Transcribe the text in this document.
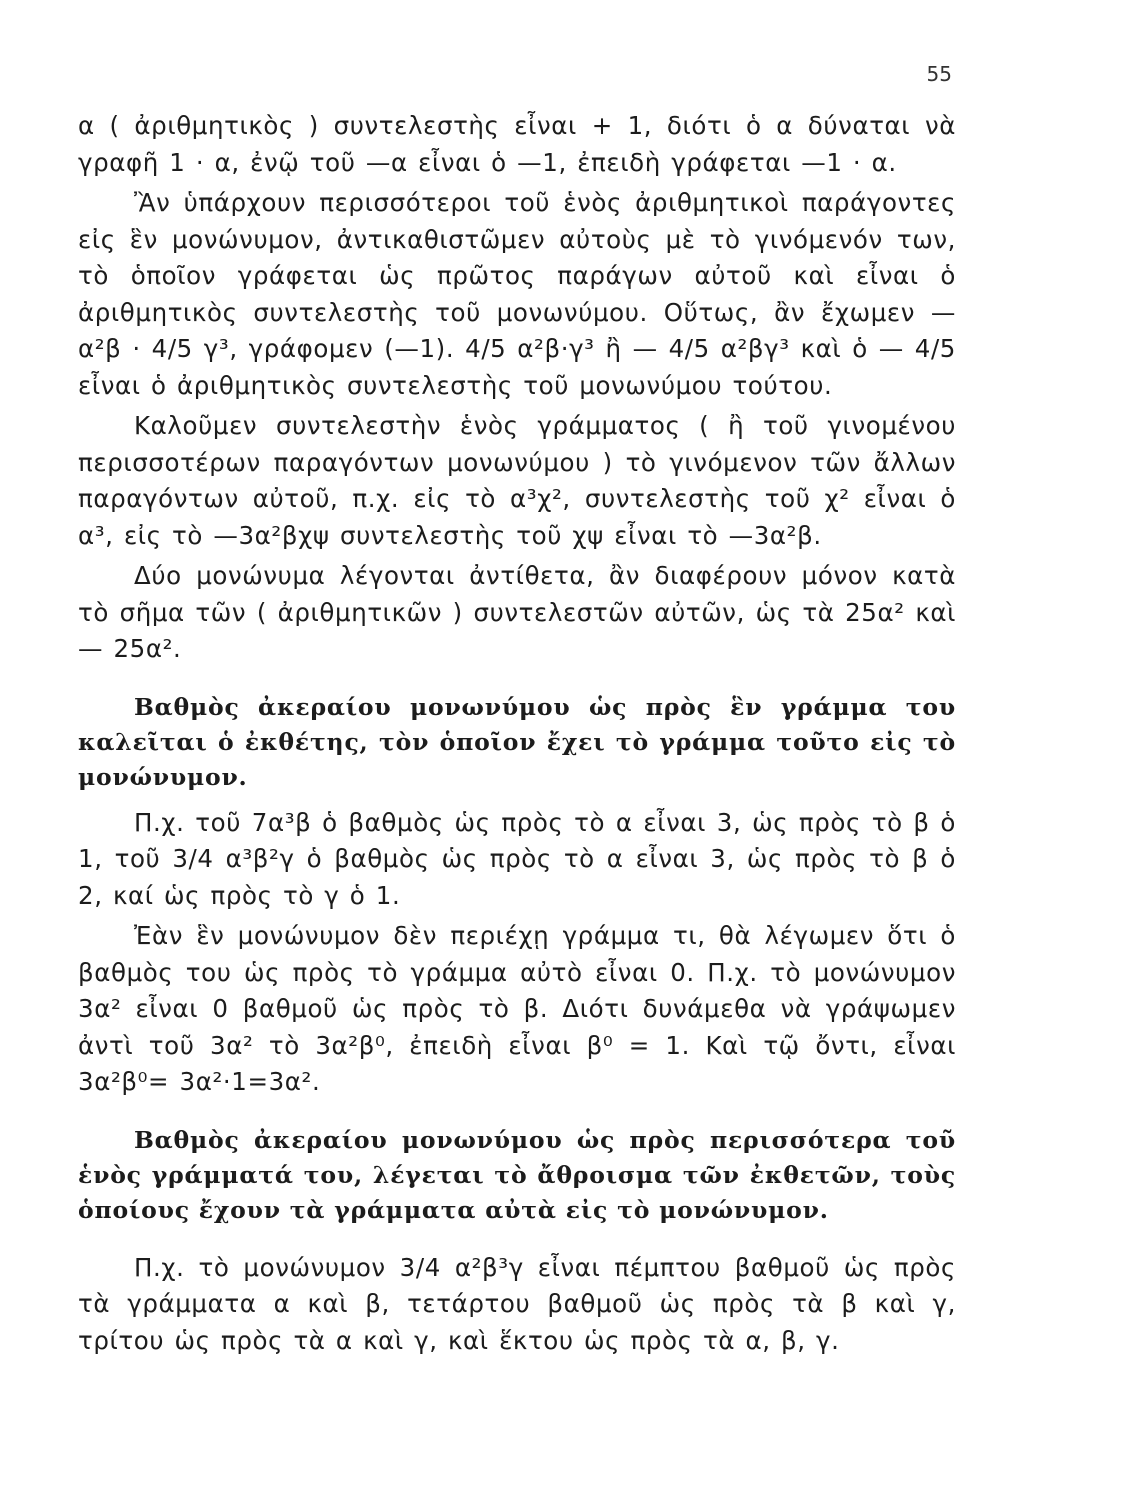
55

α ( ἀριθμητικὸς ) συντελεστὴς εἶναι + 1, διότι ὁ α δύναται νὰ γραφῆ 1 · α, ἐνῷ τοῦ —α εἶναι ὁ —1, ἐπειδὴ γράφεται —1 · α.

Ἂν ὑπάρχουν περισσότεροι τοῦ ἑνὸς ἀριθμητικοὶ παράγοντες εἰς ἓν μονώνυμον, ἀντικαθιστῶμεν αὐτοὺς μὲ τὸ γινόμενόν των, τὸ ὁποῖον γράφεται ὡς πρῶτος παράγων αὐτοῦ καὶ εἶναι ὁ ἀριθμητικὸς συντελεστὴς τοῦ μονωνύμου. Οὕτως, ἂν ἔχωμεν —α²β · 4/5 γ³, γράφομεν (—1). 4/5 α²β·γ³ ἢ — 4/5 α²βγ³ καὶ ὁ — 4/5 εἶναι ὁ ἀριθμητικὸς συντελεστὴς τοῦ μονωνύμου τούτου.

Καλοῦμεν συντελεστὴν ἑνὸς γράμματος ( ἢ τοῦ γινομένου περισσοτέρων παραγόντων μονωνύμου ) τὸ γινόμενον τῶν ἄλλων παραγόντων αὐτοῦ, π.χ. εἰς τὸ α³χ², συντελεστὴς τοῦ χ² εἶναι ὁ α³, εἰς τὸ —3α²βχψ συντελεστὴς τοῦ χψ εἶναι τὸ —3α²β.

Δύο μονώνυμα λέγονται ἀντίθετα, ἂν διαφέρουν μόνον κατὰ τὸ σῆμα τῶν ( ἀριθμητικῶν ) συντελεστῶν αὐτῶν, ὡς τὰ 25α² καὶ — 25α².

Βαθμὸς ἀκεραίου μονωνύμου ὡς πρὸς ἓν γράμμα του καλεῖται ὁ ἐκθέτης, τὸν ὁποῖον ἔχει τὸ γράμμα τοῦτο εἰς τὸ μονώνυμον.

Π.χ. τοῦ 7α³β ὁ βαθμὸς ὡς πρὸς τὸ α εἶναι 3, ὡς πρὸς τὸ β ὁ 1, τοῦ 3/4 α³β²γ ὁ βαθμὸς ὡς πρὸς τὸ α εἶναι 3, ὡς πρὸς τὸ β ὁ 2, καί ὡς πρὸς τὸ γ ὁ 1.

Ἐὰν ἓν μονώνυμον δὲν περιέχῃ γράμμα τι, θὰ λέγωμεν ὅτι ὁ βαθμὸς του ὡς πρὸς τὸ γράμμα αὐτὸ εἶναι 0. Π.χ. τὸ μονώνυμον 3α² εἶναι 0 βαθμοῦ ὡς πρὸς τὸ β. Διότι δυνάμεθα νὰ γράψωμεν ἀντὶ τοῦ 3α² τὸ 3α²β⁰, ἐπειδὴ εἶναι β⁰ = 1. Καὶ τῷ ὄντι, εἶναι 3α²β⁰= 3α²·1=3α².

Βαθμὸς ἀκεραίου μονωνύμου ὡς πρὸς περισσότερα τοῦ ἑνὸς γράμματά του, λέγεται τὸ ἄθροισμα τῶν ἐκθετῶν, τοὺς ὁποίους ἔχουν τὰ γράμματα αὐτὰ εἰς τὸ μονώνυμον.

Π.χ. τὸ μονώνυμον 3/4 α²β³γ εἶναι πέμπτου βαθμοῦ ὡς πρὸς τὰ γράμματα α καὶ β, τετάρτου βαθμοῦ ὡς πρὸς τὰ β καὶ γ, τρίτου ὡς πρὸς τὰ α καὶ γ, καὶ ἕκτου ὡς πρὸς τὰ α, β, γ.
